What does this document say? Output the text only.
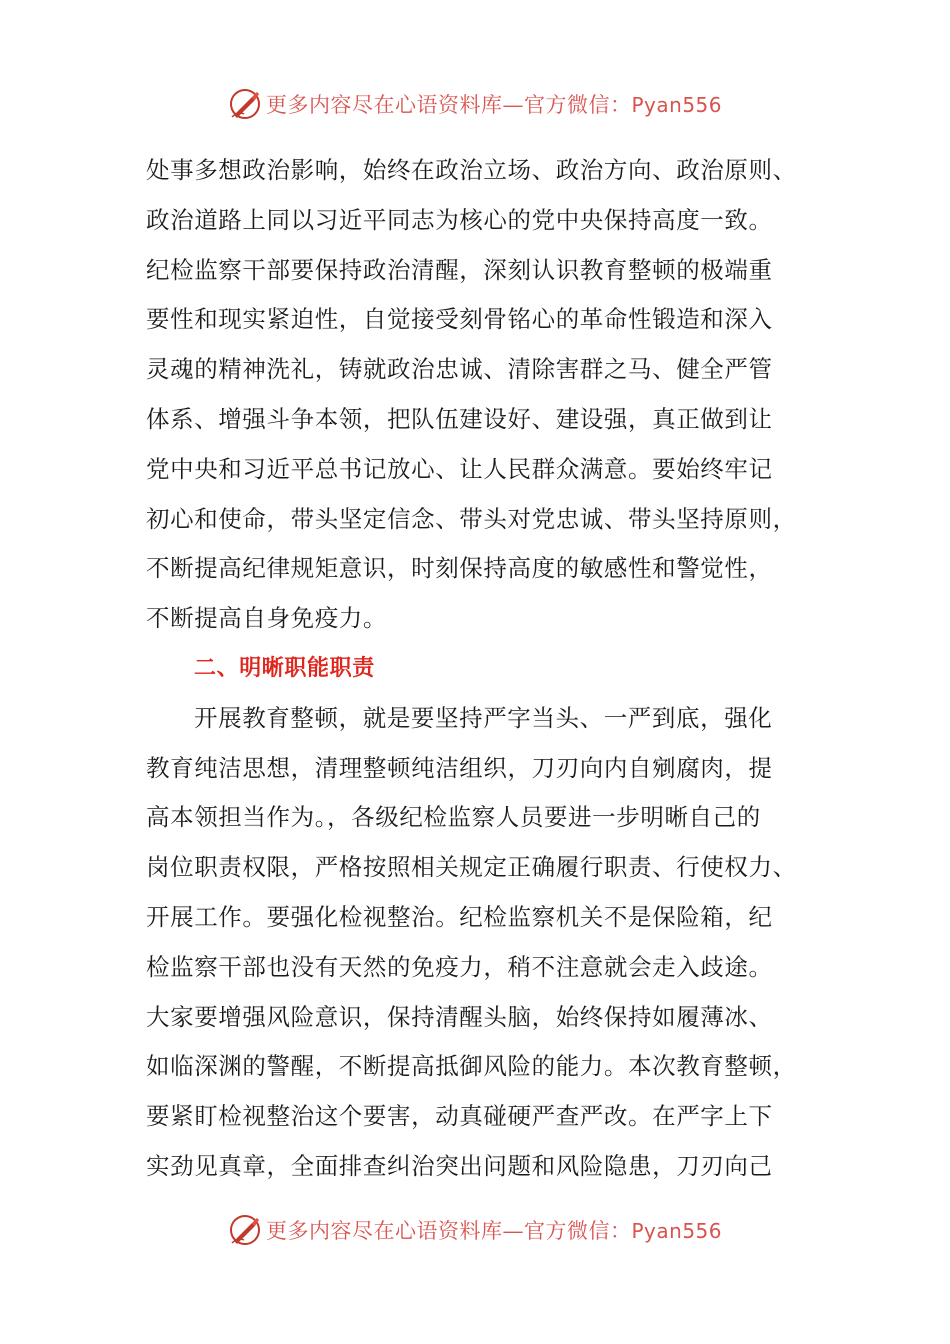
更多内容尽在心语资料库—官方微信：Pyan556
处事多想政治影响，始终在政治立场、政治方向、政治原则、
政治道路上同以习近平同志为核心的党中央保持高度一致。
纪检监察干部要保持政治清醒，深刻认识教育整顿的极端重
要性和现实紧迫性，自觉接受刻骨铭心的革命性锻造和深入
灵魂的精神洗礼，铸就政治忠诚、清除害群之马、健全严管
体系、增强斗争本领，把队伍建设好、建设强，真正做到让
党中央和习近平总书记放心、让人民群众满意。要始终牢记
初心和使命，带头坚定信念、带头对党忠诚、带头坚持原则，
不断提高纪律规矩意识，时刻保持高度的敏感性和警觉性，
不断提高自身免疫力。
二、明晰职能职责
开展教育整顿，就是要坚持严字当头、一严到底，强化
教育纯洁思想，清理整顿纯洁组织，刀刃向内自剜腐肉，提
高本领担当作为。，各级纪检监察人员要进一步明晰自己的
岗位职责权限，严格按照相关规定正确履行职责、行使权力、
开展工作。要强化检视整治。纪检监察机关不是保险箱，纪
检监察干部也没有天然的免疫力，稍不注意就会走入歧途。
大家要增强风险意识，保持清醒头脑，始终保持如履薄冰、
如临深渊的警醒，不断提高抵御风险的能力。本次教育整顿，
要紧盯检视整治这个要害，动真碰硬严查严改。在严字上下
实劲见真章，全面排查纠治突出问题和风险隐患，刀刃向己
更多内容尽在心语资料库—官方微信：Pyan556
